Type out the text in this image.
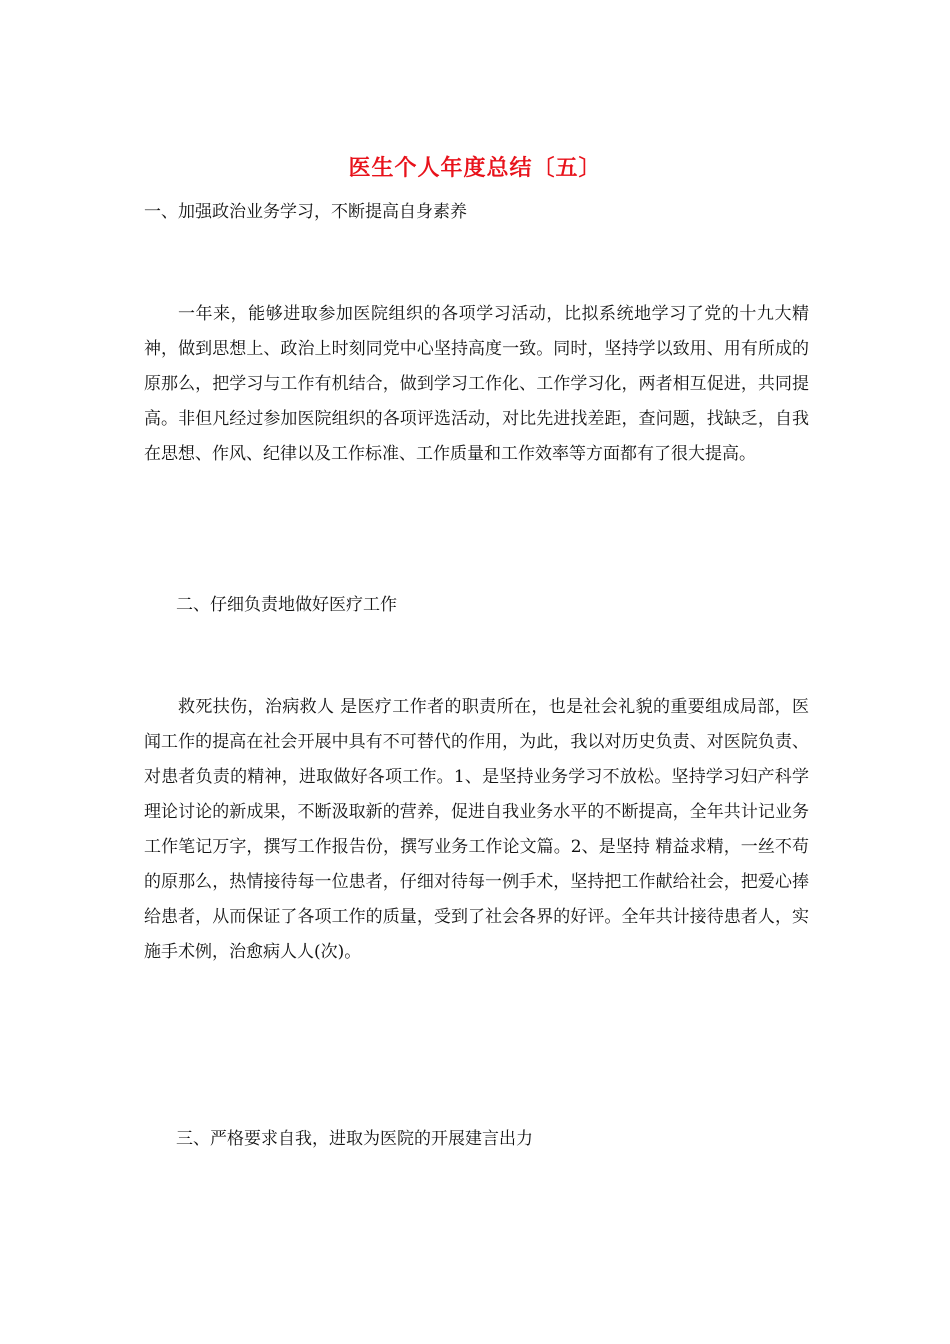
医生个人年度总结〔五〕
一、加强政治业务学习，不断提高自身素养
一年来，能够进取参加医院组织的各项学习活动，比拟系统地学习了党的十九大精神，做到思想上、政治上时刻同党中心坚持高度一致。同时，坚持学以致用、用有所成的原那么，把学习与工作有机结合，做到学习工作化、工作学习化，两者相互促进，共同提高。非但凡经过参加医院组织的各项评选活动，对比先进找差距，查问题，找缺乏，自我在思想、作风、纪律以及工作标准、工作质量和工作效率等方面都有了很大提高。
二、仔细负责地做好医疗工作
救死扶伤，治病救人 是医疗工作者的职责所在，也是社会礼貌的重要组成局部，医闻工作的提高在社会开展中具有不可替代的作用，为此，我以对历史负责、对医院负责、对患者负责的精神，进取做好各项工作。1、是坚持业务学习不放松。坚持学习妇产科学理论讨论的新成果，不断汲取新的营养，促进自我业务水平的不断提高，全年共计记业务工作笔记万字，撰写工作报告份，撰写业务工作论文篇。2、是坚持 精益求精，一丝不苟 的原那么，热情接待每一位患者，仔细对待每一例手术，坚持把工作献给社会，把爱心捧给患者，从而保证了各项工作的质量，受到了社会各界的好评。全年共计接待患者人，实施手术例，治愈病人人(次)。
三、严格要求自我，进取为医院的开展建言出力
